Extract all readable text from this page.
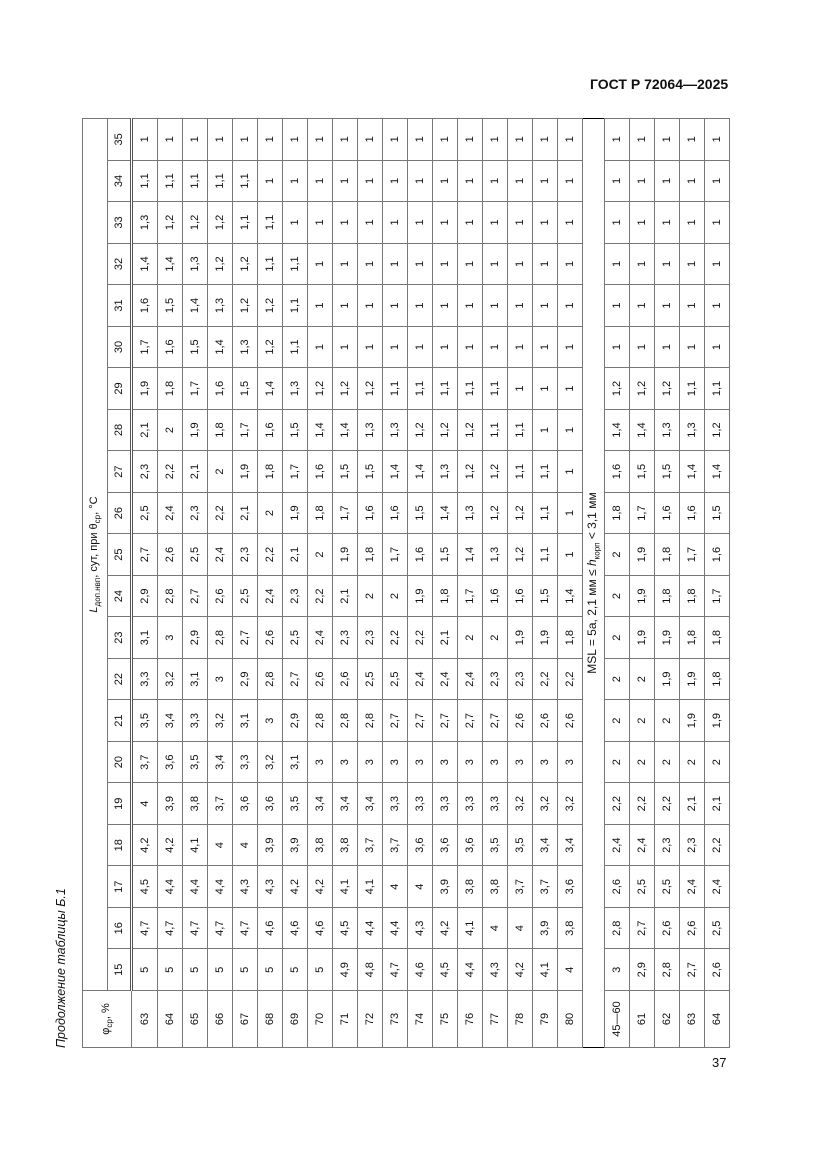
ГОСТ Р 72064—2025
Продолжение таблицы Б.1	$\varphi_{ср}$, %	$L_{доп.нвп}$, сут, при $\theta_{ср}$, °С																				
	15	16	17	18	19	20	21	22	23	24	25	26	27	28	29	30	31	32	33	34	35
63	5	4,7	4,5	4,2	4	3,7	3,5	3,3	3,1	2,9	2,7	2,5	2,3	2,1	1,9	1,7	1,6	1,4	1,3	1,1	1
64	5	4,7	4,4	4,2	3,9	3,6	3,4	3,2	3	2,8	2,6	2,4	2,2	2	1,8	1,6	1,5	1,4	1,2	1,1	1
65	5	4,7	4,4	4,1	3,8	3,5	3,3	3,1	2,9	2,7	2,5	2,3	2,1	1,9	1,7	1,5	1,4	1,3	1,2	1,1	1
66	5	4,7	4,4	4	3,7	3,4	3,2	3	2,8	2,6	2,4	2,2	2	1,8	1,6	1,4	1,3	1,2	1,2	1,1	1
67	5	4,7	4,3	4	3,6	3,3	3,1	2,9	2,7	2,5	2,3	2,1	1,9	1,7	1,5	1,3	1,2	1,2	1,1	1,1	1
68	5	4,6	4,3	3,9	3,6	3,2	3	2,8	2,6	2,4	2,2	2	1,8	1,6	1,4	1,2	1,2	1,1	1,1	1	1
69	5	4,6	4,2	3,9	3,5	3,1	2,9	2,7	2,5	2,3	2,1	1,9	1,7	1,5	1,3	1,1	1,1	1,1	1	1	1
70	5	4,6	4,2	3,8	3,4	3	2,8	2,6	2,4	2,2	2	1,8	1,6	1,4	1,2	1	1	1	1	1	1
71	4,9	4,5	4,1	3,8	3,4	3	2,8	2,6	2,3	2,1	1,9	1,7	1,5	1,4	1,2	1	1	1	1	1	1
72	4,8	4,4	4,1	3,7	3,4	3	2,8	2,5	2,3	2	1,8	1,6	1,5	1,3	1,2	1	1	1	1	1	1
73	4,7	4,4	4	3,7	3,3	3	2,7	2,5	2,2	2	1,7	1,6	1,4	1,3	1,1	1	1	1	1	1	1
74	4,6	4,3	4	3,6	3,3	3	2,7	2,4	2,2	1,9	1,6	1,5	1,4	1,2	1,1	1	1	1	1	1	1
75	4,5	4,2	3,9	3,6	3,3	3	2,7	2,4	2,1	1,8	1,5	1,4	1,3	1,2	1,1	1	1	1	1	1	1
76	4,4	4,1	3,8	3,6	3,3	3	2,7	2,4	2	1,7	1,4	1,3	1,2	1,2	1,1	1	1	1	1	1	1
77	4,3	4	3,8	3,5	3,3	3	2,7	2,3	2	1,6	1,3	1,2	1,2	1,1	1,1	1	1	1	1	1	1
78	4,2	4	3,7	3,5	3,2	3	2,6	2,3	1,9	1,6	1,2	1,2	1,1	1,1	1	1	1	1	1	1	1
79	4,1	3,9	3,7	3,4	3,2	3	2,6	2,2	1,9	1,5	1,1	1,1	1,1	1	1	1	1	1	1	1	1
80	4	3,8	3,6	3,4	3,2	3	2,6	2,2	1,8	1,4	1	1	1	1	1	1	1	1	1	1	1
MSL = 5а, 2,1 мм ≤ $h_{корп} < 3,1$ мм																					
45—60	3	2,8	2,6	2,4	2,2	2	2	2	2	2	2	1,8	1,6	1,4	1,2	1	1	1	1	1	1
61	2,9	2,7	2,5	2,4	2,2	2	2	2	1,9	1,9	1,9	1,7	1,5	1,4	1,2	1	1	1	1	1	1
62	2,8	2,6	2,5	2,3	2,2	2	2	1,9	1,9	1,8	1,8	1,6	1,5	1,3	1,2	1	1	1	1	1	1
63	2,7	2,6	2,4	2,3	2,1	2	1,9	1,9	1,8	1,8	1,7	1,6	1,4	1,3	1,1	1	1	1	1	1	1
64	2,6	2,5	2,4	2,2	2,1	2	1,9	1,8	1,8	1,7	1,6	1,5	1,4	1,2	1,1	1	1	1	1	1	1
37
